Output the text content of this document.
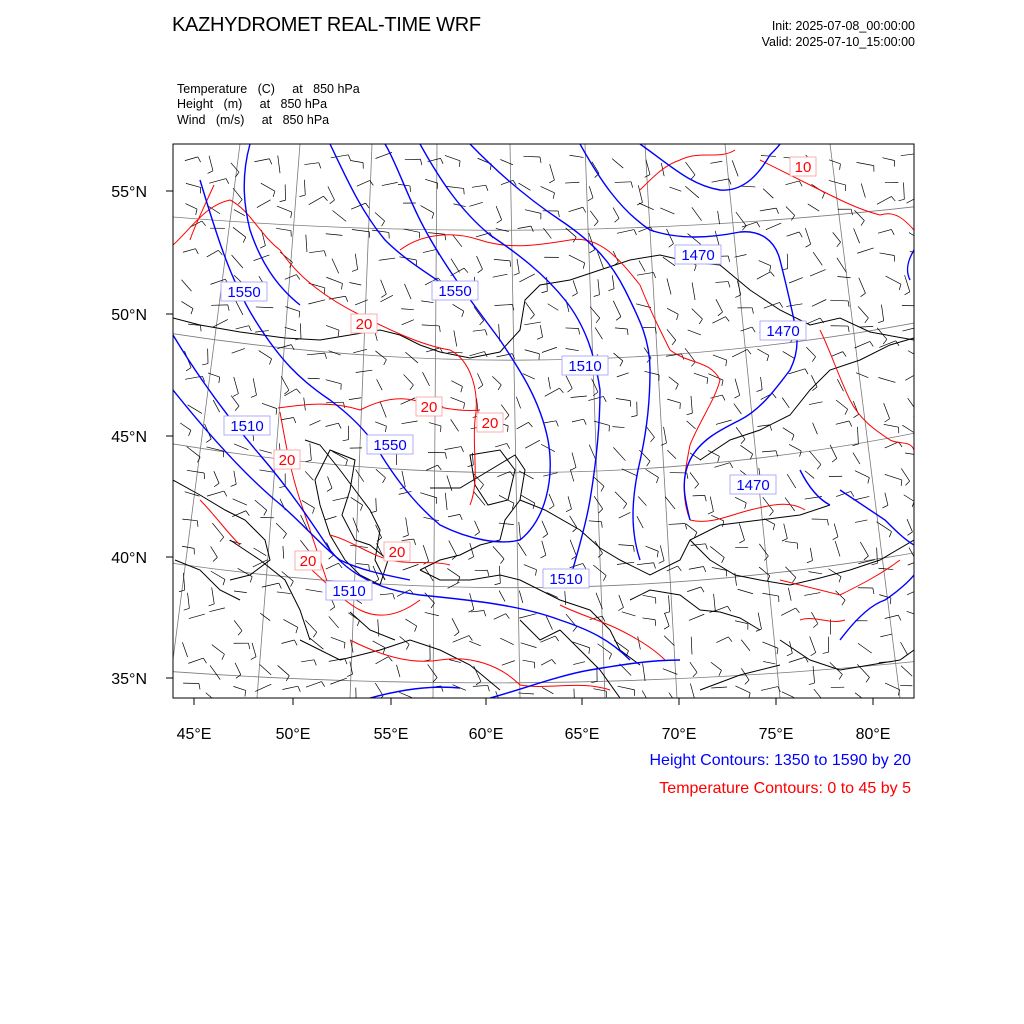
KAZHYDROMET REAL-TIME WRF	Init: 2025-07-08_00:00:00
Valid: 2025-07-10_15:00:00
Temperature   (C)     at   850 hPa
Height   (m)     at   850 hPa
Wind   (m/s)     at   850 hPa
1470
1470
1470
1550	1550
1550
1510
1510
1510
1510
10
20
20
20
20
20
20
55°N
50°N
45°N
40°N
35°N
45°E	50°E	55°E	60°E	65°E	70°E	75°E	80°E
Height Contours: 1350 to 1590 by 20
Temperature Contours: 0 to 45 by 5
